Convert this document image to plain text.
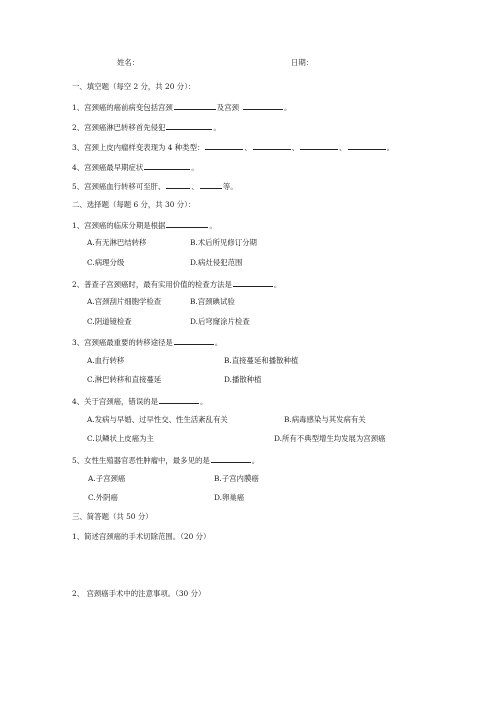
姓名：	日期：
一、填空题（每空 2 分，共 20 分）：
1、宫颈癌的癌前病变包括宫颈	及宫颈	。
2、宫颈癌淋巴转移首先侵犯	。
3、宫颈上皮内瘤样变表现为 4 种类型：	、	、	、	。
4、宫颈癌最早期症状	。
5、宫颈癌血行转移可至肝、	、	等。
二、选择题（每题 6 分，共 30 分）：
1、宫颈癌的临床分期是根据	。
A.有无淋巴结转移	B.术后所见修订分期
C.病理分级	D.病灶侵犯范围
2、普查子宫颈癌时，最有实用价值的检查方法是	。
A.宫颈刮片细胞学检查	B.宫颈碘试验
C.阴道镜检查	D.后穹窿涂片检查
3、宫颈癌最重要的转移途径是	。
A.血行转移	B.直接蔓延和播散种植
C.淋巴转移和直接蔓延	D.播散种植
4、关于宫颈癌，错误的是	。
A.发病与早婚、过早性交、性生活紊乱有关	B.病毒感染与其发病有关
C.以鳞状上皮癌为主	D.所有不典型增生均发展为宫颈癌
5、女性生殖器官恶性肿瘤中，最多见的是	。
A.子宫颈癌	B.子宫内膜癌
C.外阴癌	D.卵巢癌
三、简答题（共 50 分）
1、简述宫颈癌的手术切除范围。（20 分）
2、 宫颈癌手术中的注意事项。（30 分）
